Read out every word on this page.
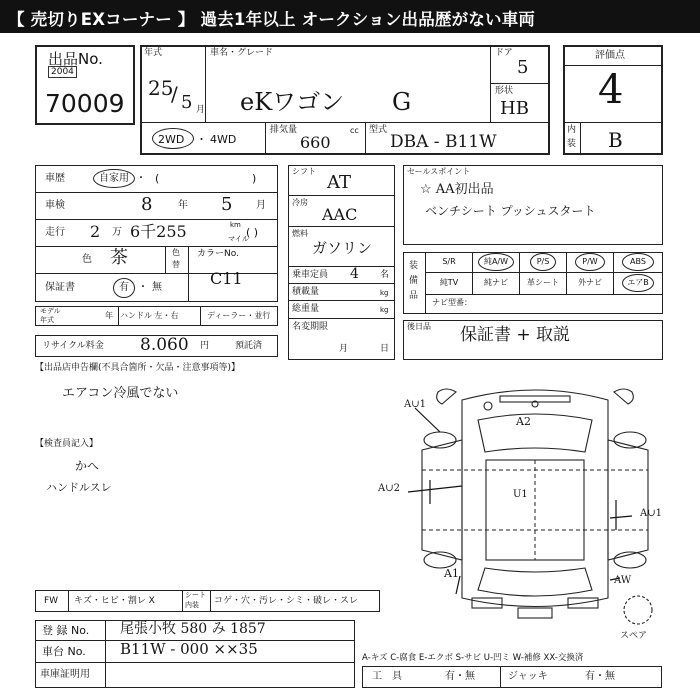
【 売切りEXコーナー 】 過去1年以上 オークション出品歴がない車両
出品No.
2004
70009
年式
25
/ 5 月
車名・グレード
eKワゴン G
ドア
5
形状
HB
2WD ・ 4WD
排気量
660
cc 型式
DBA - B11W
評価点
4
内
装 B
車歴	自家用 ・ (	)
車検	8	年 5 月
走行 2 万 6千255	km
マイル
( )
色 茶	色
替
カラーNo.
C11
保証書	有 ・ 無
モデル
年式	年 ハンドル 左・右	ディーラー・並行
リサイクル料金 8.060 円	預託済
シフト
AT
冷房
AAC
燃料
ガソリン
乗車定員 4 名
積載量	kg
総重量	kg
名変期限
月	日
セールスポイント
☆ AA初出品
ベンチシート プッシュスタート
装
備
品
S/R	純A/W	P/S	P/W	ABS
純TV	純ナビ	革シート	外ナビ	エアB
ナビ型番：
後日品 保証書 + 取説
【出品店申告欄(不具合箇所・欠品・注意事項等)】
エアコン冷風でない
【検査員記入】
かへ
ハンドルスレ
A2
U1
A∪1
A∪2
A∪1
A1
AW
スペア
FW キズ・ヒビ・割レ X
シート
内装 コゲ・穴・汚レ・シミ・破レ・スレ
登 録 No. 尾張小牧 580 み 1857
車台 No. B11W - 000 ××35
車庫証明用
A-キズ C-腐食 E-エクボ S-サビ U-凹ミ W-補修 XX-交換済
工　具	有・無	ジャッキ	有・無
